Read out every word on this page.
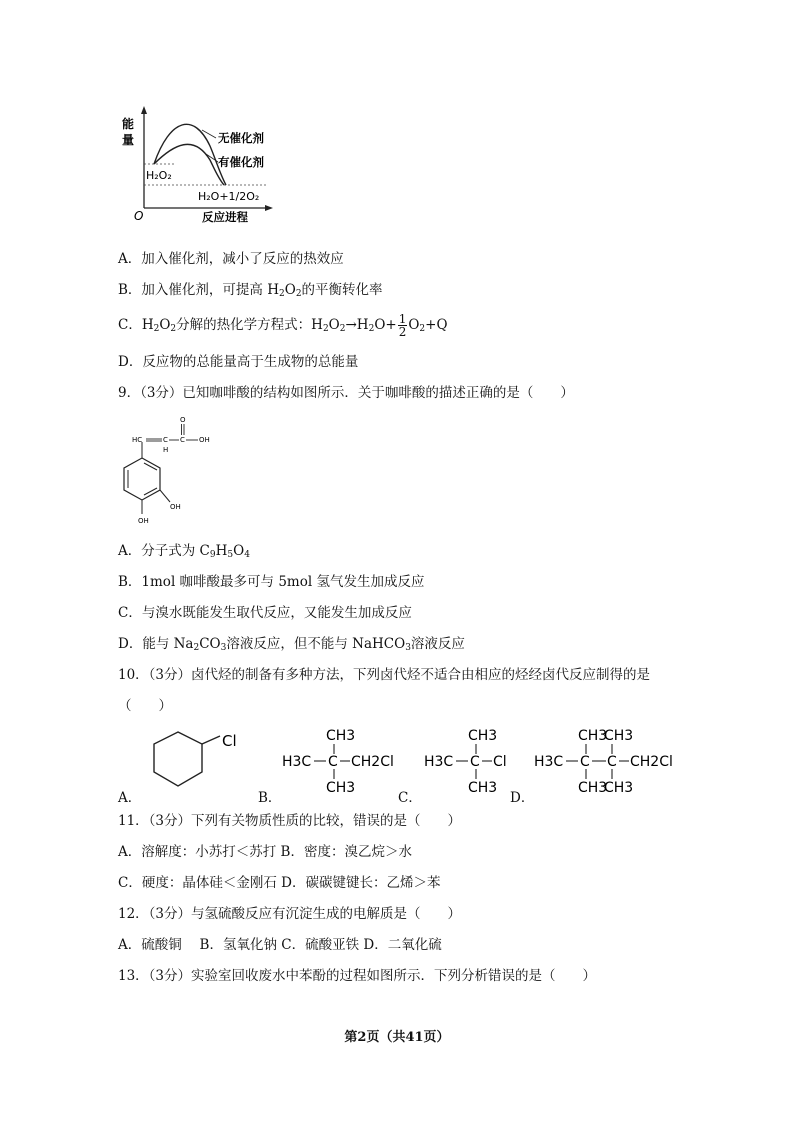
能
量
O	反应进程
无催化剂
有催化剂
H₂O₂
H₂O+1/2O₂
A．加入催化剂，减小了反应的热效应
B．加入催化剂，可提高 $H_2O_2$的平衡转化率
C．$H_2O_2$分解的热化学方程式：$H_2O_2\to H_2O+ \frac{1}{2} O_2+Q$
D．反应物的总能量高于生成物的总能量
9．（3分）已知咖啡酸的结构如图所示．关于咖啡酸的描述正确的是（　　）
HC	C
H
C
O
OH
OH
OH
A．分子式为 $C_9H_5O_4$
B．1mol 咖啡酸最多可与 5mol 氢气发生加成反应
C．与溴水既能发生取代反应，又能发生加成反应
D．能与 $Na_2CO_3$溶液反应，但不能与 NaHCO$_3$溶液反应
10．（3分）卤代烃的制备有多种方法，下列卤代烃不适合由相应的烃经卤代反应制得的是
（　　）
Cl
A．
CH3
H3C C CH2Cl
CH3
B．
CH3
H3C C Cl
CH3
C．
CH3
CH3
H3C C C CH2Cl
CH3
CH3
D．
11．（3分）下列有关物质性质的比较，错误的是（　　）
A．溶解度：小苏打＜苏打 B．密度：溴乙烷＞水
C．硬度：晶体硅＜金刚石 D．碳碳键键长：乙烯＞苯
12．（3分）与氢硫酸反应有沉淀生成的电解质是（　　）
A．硫酸铜　 B．氢氧化钠 C．硫酸亚铁 D．二氧化硫
13．（3分）实验室回收废水中苯酚的过程如图所示．下列分析错误的是（　　）
第2页（共41页）
